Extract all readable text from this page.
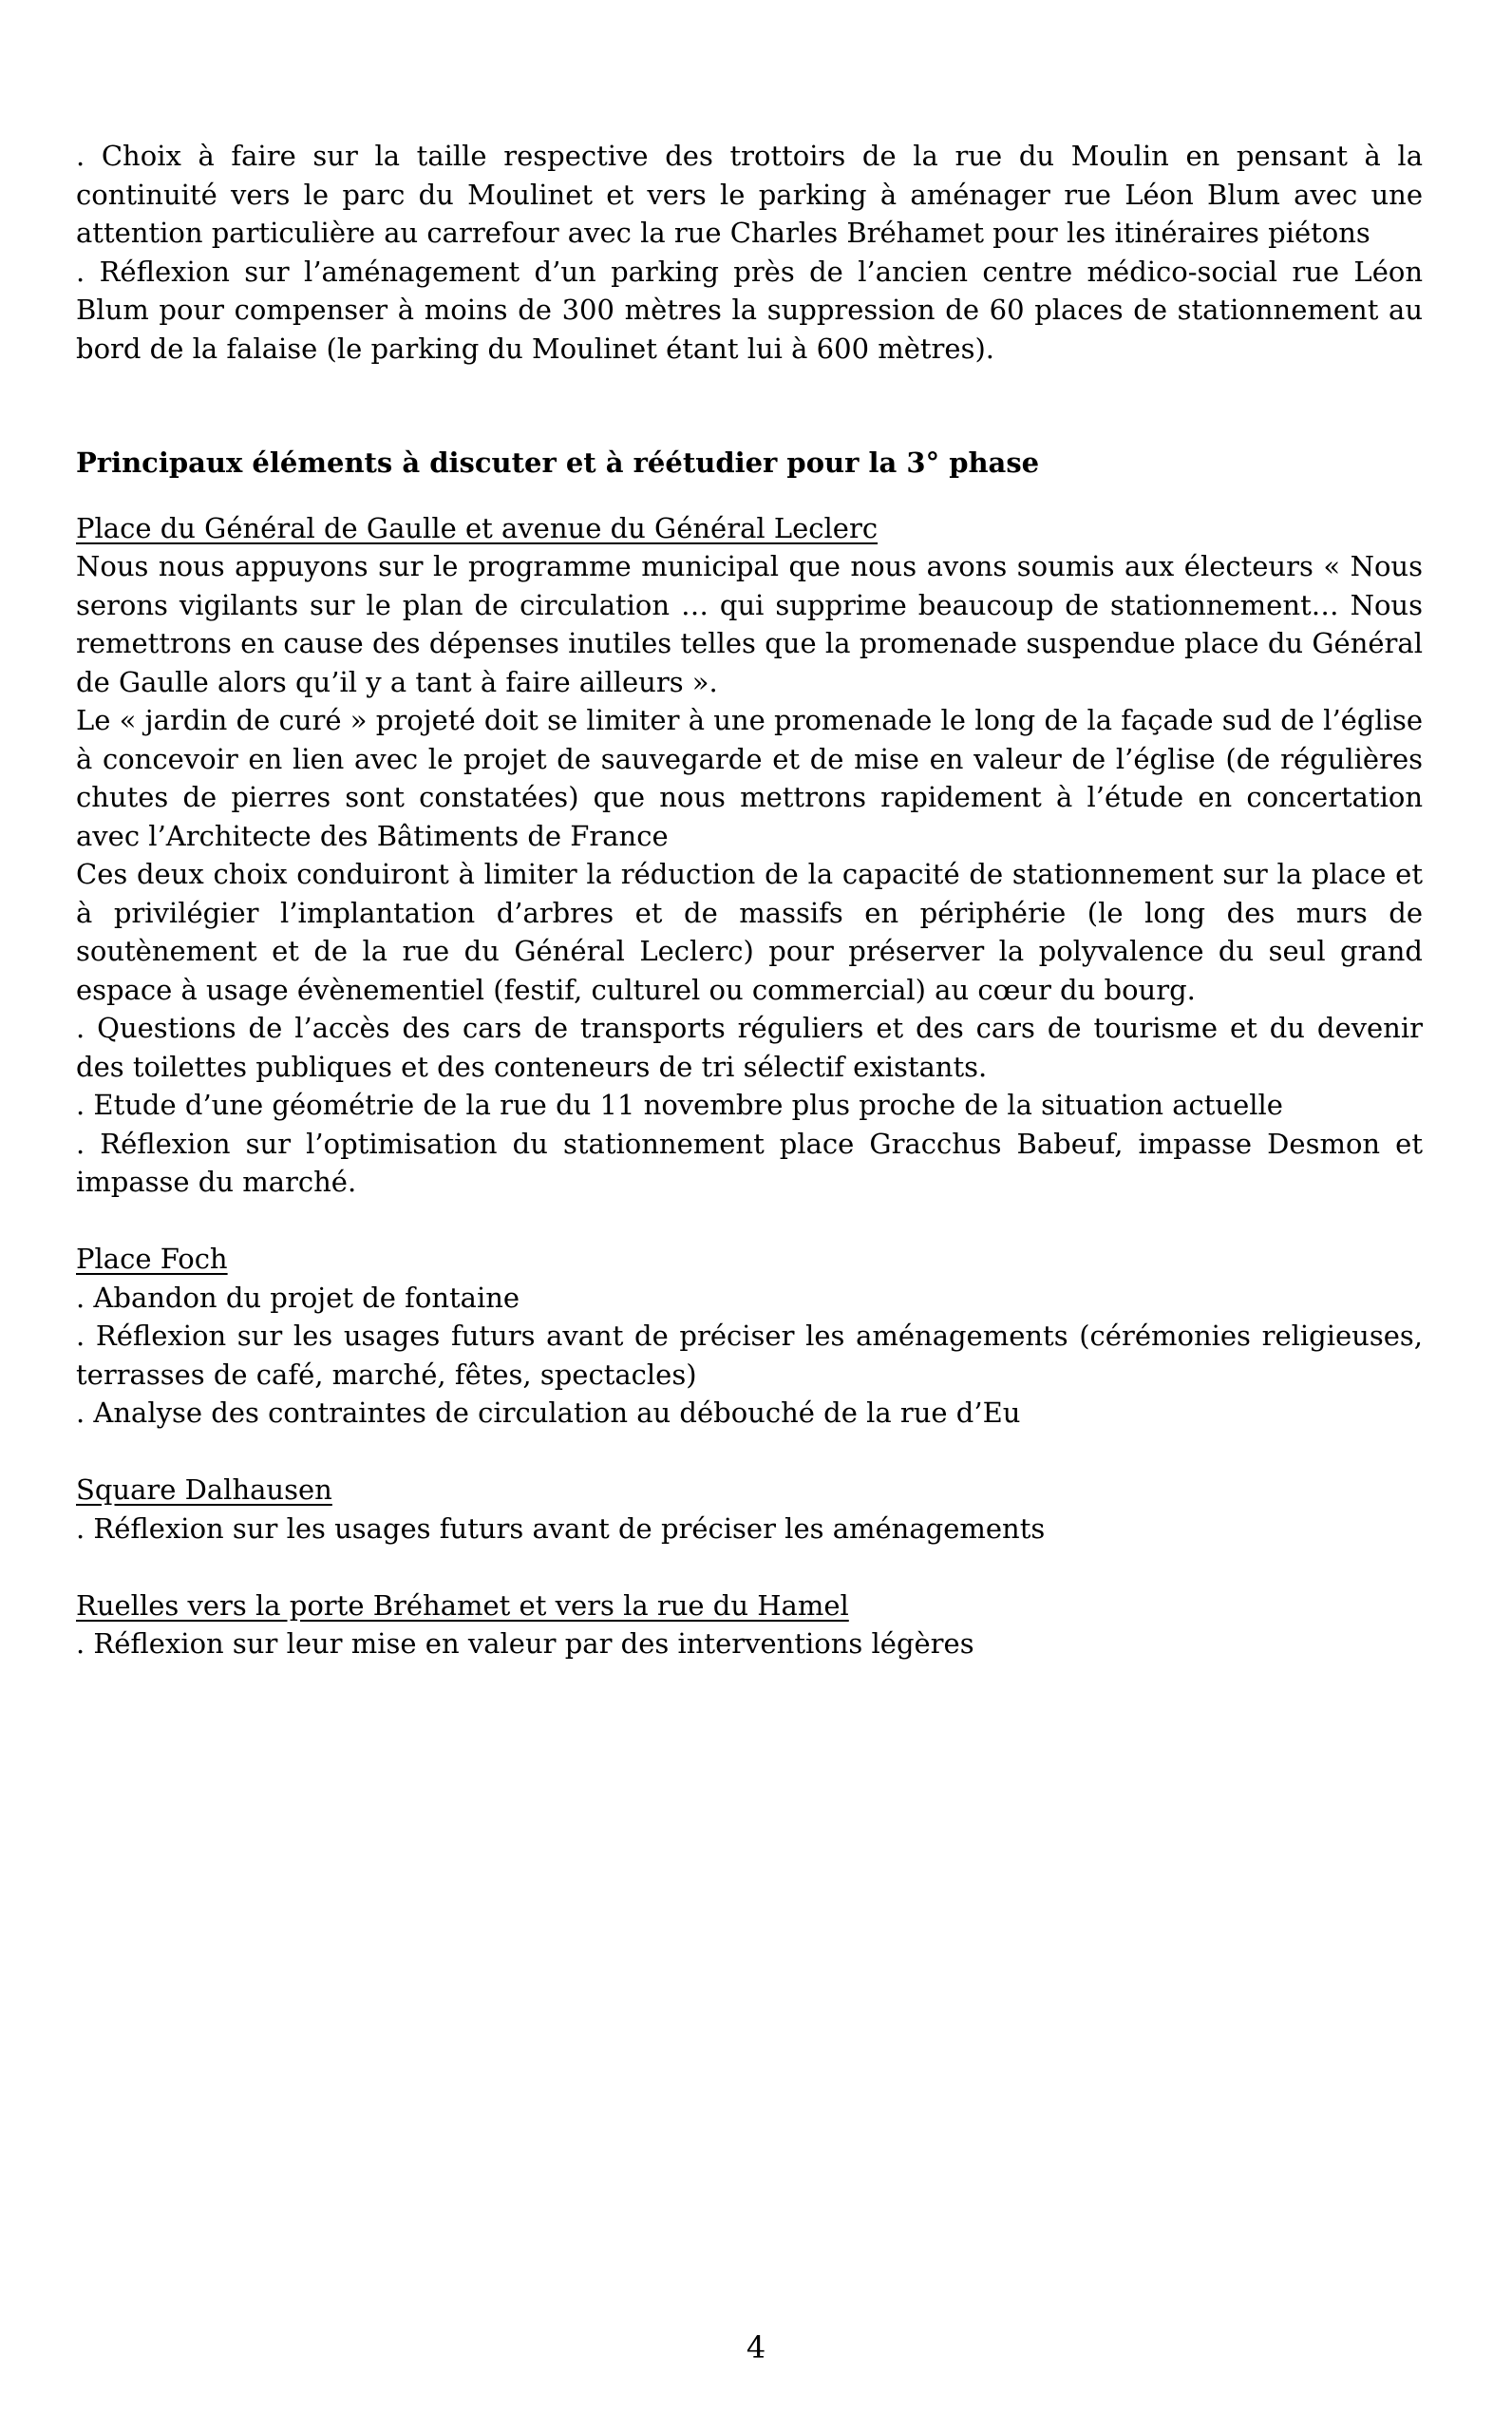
. Choix à faire sur la taille respective des trottoirs de la rue du Moulin en pensant à la continuité vers le parc du Moulinet et vers le parking à aménager rue Léon Blum avec une attention particulière au carrefour avec la rue Charles Bréhamet pour les itinéraires piétons

. Réflexion sur l’aménagement d’un parking près de l’ancien centre médico-social rue Léon Blum pour compenser à moins de 300 mètres la suppression de 60 places de stationnement au bord de la falaise (le parking du Moulinet étant lui à 600 mètres).

Principaux éléments à discuter et à réétudier pour la 3° phase

Place du Général de Gaulle et avenue du Général Leclerc

Nous nous appuyons sur le programme municipal que nous avons soumis aux électeurs « Nous serons vigilants sur le plan de circulation … qui supprime beaucoup de stationnement… Nous remettrons en cause des dépenses inutiles telles que la promenade suspendue place du Général de Gaulle alors qu’il y a tant à faire ailleurs ».

Le « jardin de curé » projeté doit se limiter à une promenade le long de la façade sud de l’église à concevoir en lien avec le projet de sauvegarde et de mise en valeur de l’église (de régulières chutes de pierres sont constatées) que nous mettrons rapidement à l’étude en concertation avec l’Architecte des Bâtiments de France

Ces deux choix conduiront à limiter la réduction de la capacité de stationnement sur la place et à privilégier l’implantation d’arbres et de massifs en périphérie (le long des murs de soutènement et de la rue du Général Leclerc) pour préserver la polyvalence du seul grand espace à usage évènementiel (festif, culturel ou commercial) au cœur du bourg.

. Questions de l’accès des cars de transports réguliers et des cars de tourisme et du devenir des toilettes publiques et des conteneurs de tri sélectif existants.

. Etude d’une géométrie de la rue du 11 novembre plus proche de la situation actuelle

. Réflexion sur l’optimisation du stationnement place Gracchus Babeuf, impasse Desmon et impasse du marché.

Place Foch

. Abandon du projet de fontaine

. Réflexion sur les usages futurs avant de préciser les aménagements (cérémonies religieuses, terrasses de café, marché, fêtes, spectacles)

. Analyse des contraintes de circulation au débouché de la rue d’Eu

Square Dalhausen

. Réflexion sur les usages futurs avant de préciser les aménagements

Ruelles vers la porte Bréhamet et vers la rue du Hamel

. Réflexion sur leur mise en valeur par des interventions légères

4
